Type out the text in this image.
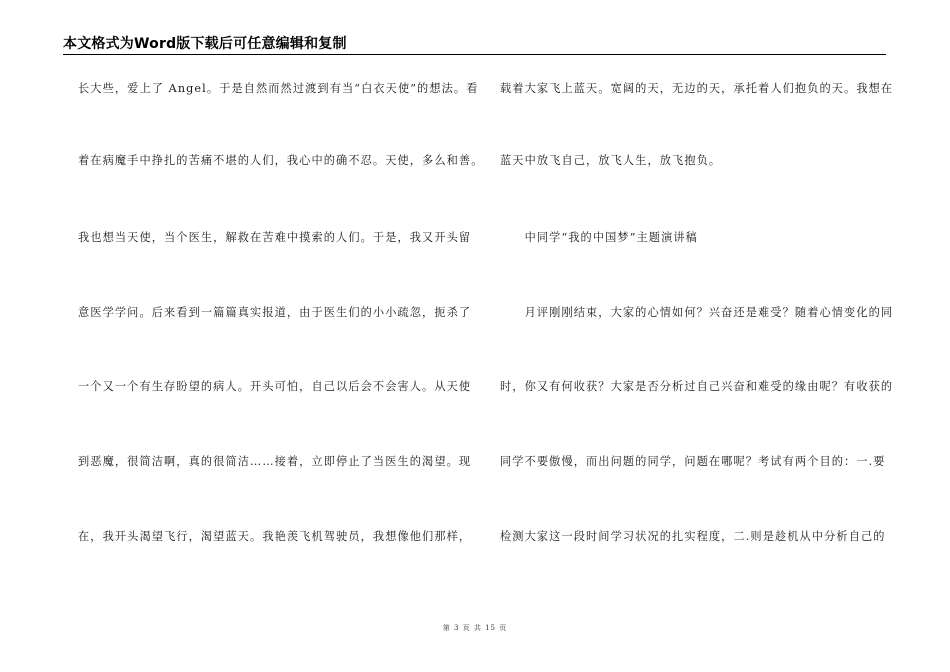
本文格式为Word版下载后可任意编辑和复制
长大些，爱上了 Angel。于是自然而然过渡到有当“白衣天使”的想法。看
着在病魔手中挣扎的苦痛不堪的人们，我心中的确不忍。天使，多么和善。
我也想当天使，当个医生，解救在苦难中摸索的人们。于是，我又开头留
意医学学问。后来看到一篇篇真实报道，由于医生们的小小疏忽，扼杀了
一个又一个有生存盼望的病人。开头可怕，自己以后会不会害人。从天使
到恶魔，很简洁啊，真的很简洁……接着，立即停止了当医生的渴望。现
在，我开头渴望飞行，渴望蓝天。我艳羡飞机驾驶员，我想像他们那样，
载着大家飞上蓝天。宽阔的天，无边的天，承托着人们抱负的天。我想在
蓝天中放飞自己，放飞人生，放飞抱负。
　　中同学“我的中国梦”主题演讲稿
　　月评刚刚结束，大家的心情如何？兴奋还是难受？随着心情变化的同
时，你又有何收获？大家是否分析过自己兴奋和难受的缘由呢？有收获的
同学不要傲慢，而出问题的同学，问题在哪呢？考试有两个目的：一.要
检测大家这一段时间学习状况的扎实程度，二.则是趁机从中分析自己的
第 3 页 共 15 页
